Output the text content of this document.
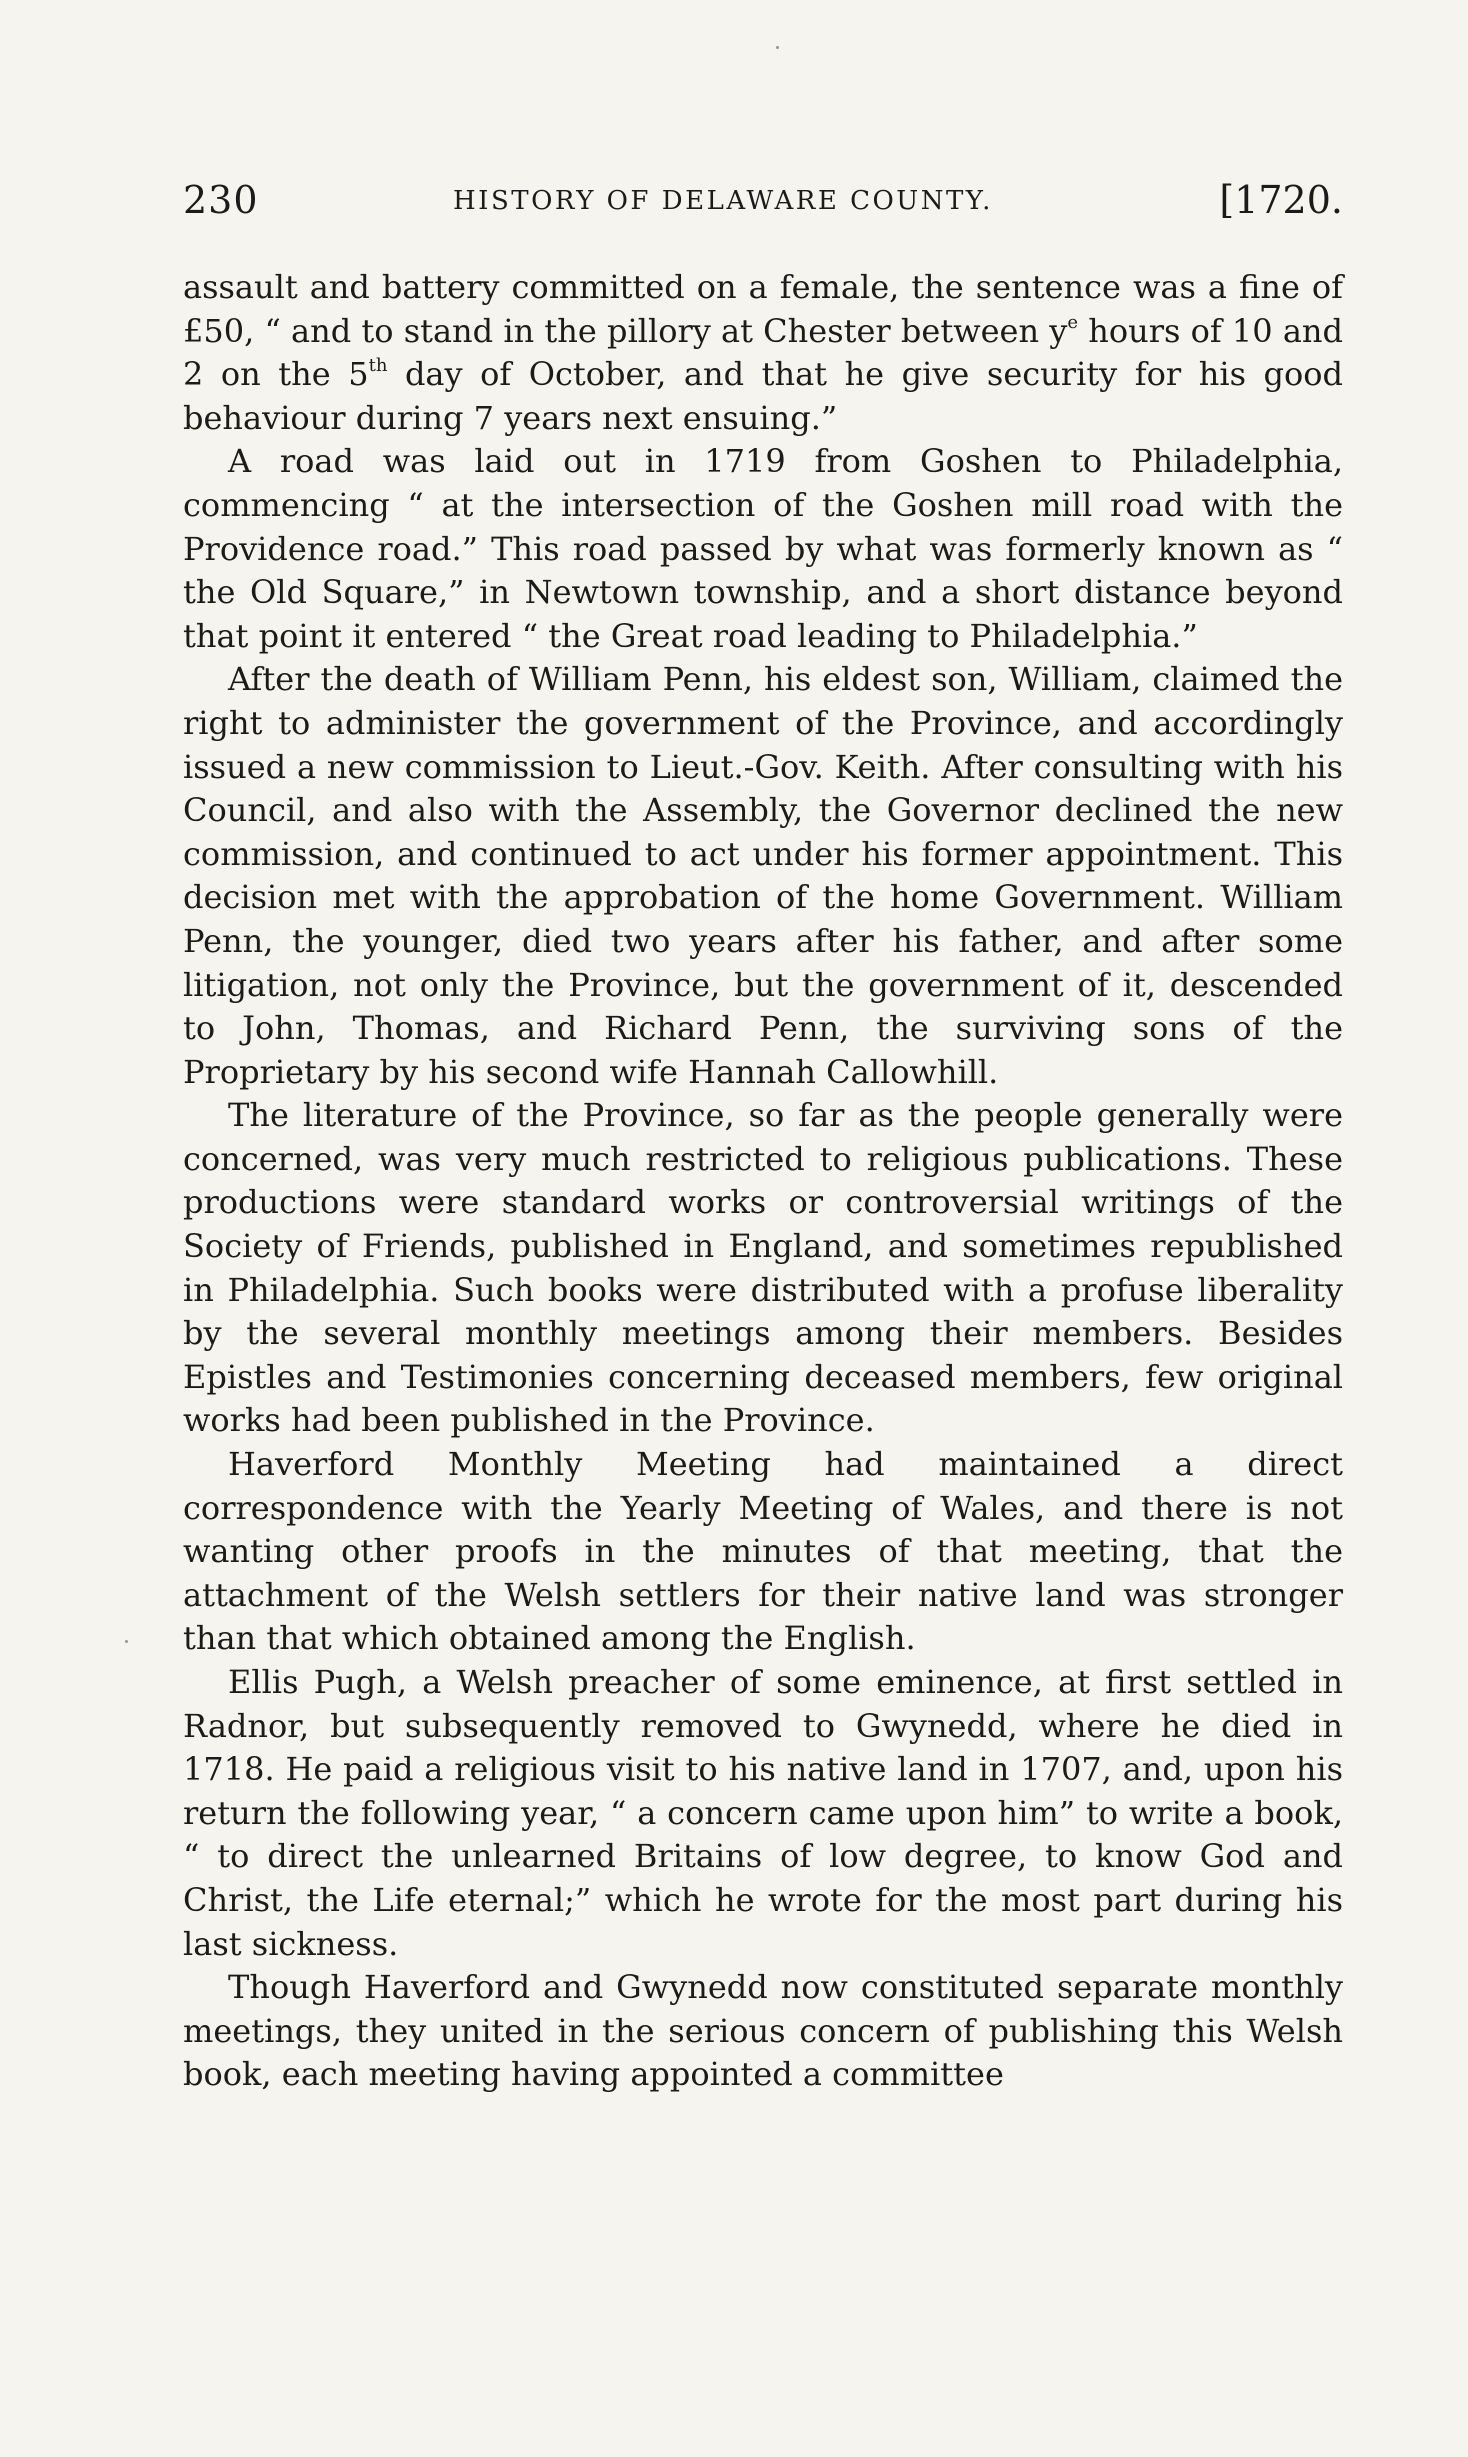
230	HISTORY OF DELAWARE COUNTY.	[1720.

assault and battery committed on a female, the sentence was a fine of £50, “ and to stand in the pillory at Chester between $y^e$ hours of 10 and 2 on the 5th day of October, and that he give security for his good behaviour during 7 years next ensuing.”

A road was laid out in 1719 from Goshen to Philadelphia, commencing “ at the intersection of the Goshen mill road with the Providence road.” This road passed by what was formerly known as “ the Old Square,” in Newtown township, and a short distance beyond that point it entered “ the Great road leading to Philadelphia.”

After the death of William Penn, his eldest son, William, claimed the right to administer the government of the Province, and accordingly issued a new commission to Lieut.-Gov. Keith. After consulting with his Council, and also with the Assembly, the Governor declined the new commission, and continued to act under his former appointment. This decision met with the approbation of the home Government. William Penn, the younger, died two years after his father, and after some litigation, not only the Province, but the government of it, descended to John, Thomas, and Richard Penn, the surviving sons of the Proprietary by his second wife Hannah Callowhill.

The literature of the Province, so far as the people generally were concerned, was very much restricted to religious publications. These productions were standard works or controversial writings of the Society of Friends, published in England, and sometimes republished in Philadelphia. Such books were distributed with a profuse liberality by the several monthly meetings among their members. Besides Epistles and Testimonies concerning deceased members, few original works had been published in the Province.

Haverford Monthly Meeting had maintained a direct correspondence with the Yearly Meeting of Wales, and there is not wanting other proofs in the minutes of that meeting, that the attachment of the Welsh settlers for their native land was stronger than that which obtained among the English.

Ellis Pugh, a Welsh preacher of some eminence, at first settled in Radnor, but subsequently removed to Gwynedd, where he died in 1718. He paid a religious visit to his native land in 1707, and, upon his return the following year, “ a concern came upon him” to write a book, “ to direct the unlearned Britains of low degree, to know God and Christ, the Life eternal;” which he wrote for the most part during his last sickness.

Though Haverford and Gwynedd now constituted separate monthly meetings, they united in the serious concern of publishing this Welsh book, each meeting having appointed a committee
